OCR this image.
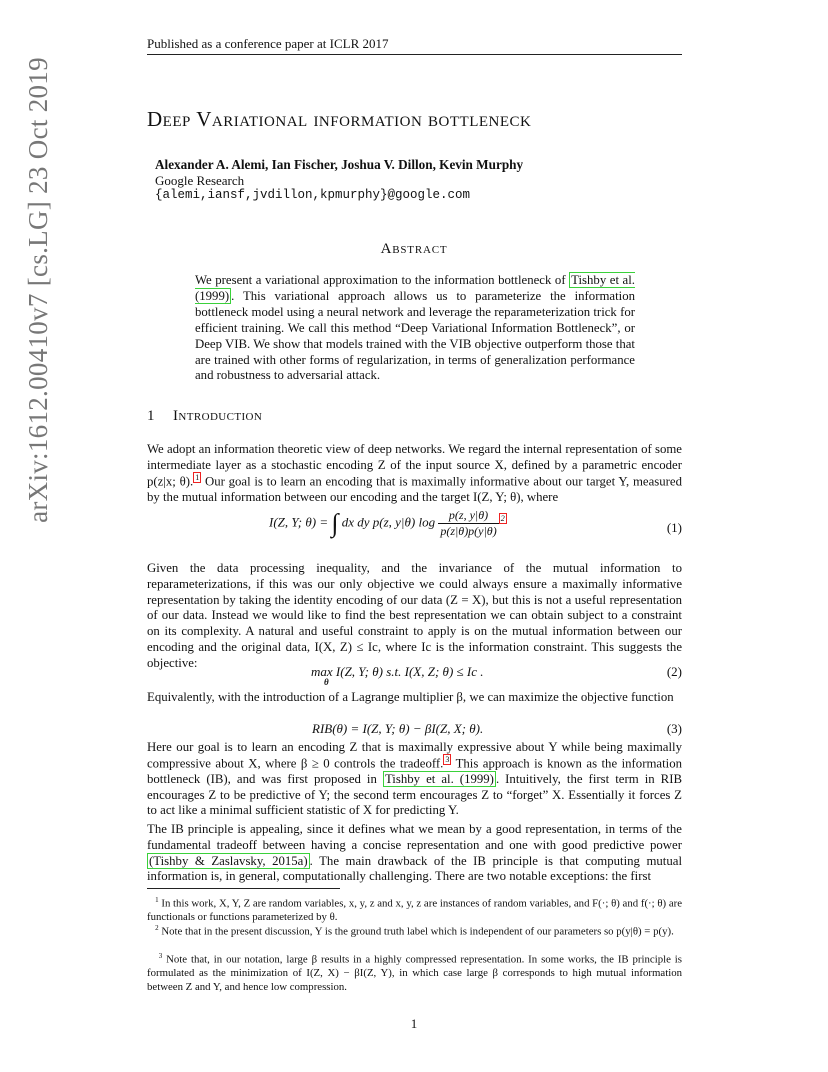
Published as a conference paper at ICLR 2017
arXiv:1612.00410v7 [cs.LG] 23 Oct 2019	Deep Variational information bottleneck
Alexander A. Alemi, Ian Fischer, Joshua V. Dillon, Kevin Murphy
Google Research
{alemi,iansf,jvdillon,kpmurphy}@google.com
Abstract
We present a variational approximation to the information bottleneck of Tishby et al. (1999) . This variational approach allows us to parameterize the information bottleneck model using a neural network and leverage the reparameterization trick for efficient training. We call this method “Deep Variational Information Bottleneck”, or Deep VIB. We show that models trained with the VIB objective outperform those that are trained with other forms of regularization, in terms of generalization performance and robustness to adversarial attack.
1 Introduction
We adopt an information theoretic view of deep networks. We regard the internal representation of some intermediate layer as a stochastic encoding Z of the input source X, defined by a parametric encoder p(z|x; θ). $^1$ Our goal is to learn an encoding that is maximally informative about our target Y, measured by the mutual information between our encoding and the target I(Z, Y; θ), where
I(Z, Y; θ) = ∫ dx dy p(z, y|θ) $\log \frac{p(z, y|\theta)}{p(z|\theta)p(y|\theta)} ^2$
(1)
Given the data processing inequality, and the invariance of the mutual information to reparameterizations, if this was our only objective we could always ensure a maximally informative representation by taking the identity encoding of our data (Z = X), but this is not a useful representation of our data. Instead we would like to find the best representation we can obtain subject to a constraint on its complexity. A natural and useful constraint to apply is on the mutual information between our encoding and the original data, I(X, Z) ≤ Ic, where Ic is the information constraint. This suggests the objective:
max I(Z, Y; θ) s.t. I(X, Z; θ) ≤ Ic .
θ
(2)
Equivalently, with the introduction of a Lagrange multiplier β, we can maximize the objective function
RIB(θ) = I(Z, Y; θ) − βI(Z, X; θ).	(3)
Here our goal is to learn an encoding Z that is maximally expressive about Y while being maximally compressive about X, where β ≥ 0 controls the tradeoff. $^3$ This approach is known as the information bottleneck (IB), and was first proposed in Tishby et al. (1999) . Intuitively, the first term in RIB encourages Z to be predictive of Y; the second term encourages Z to “forget” X. Essentially it forces Z to act like a minimal sufficient statistic of X for predicting Y.
The IB principle is appealing, since it defines what we mean by a good representation, in terms of the fundamental tradeoff between having a concise representation and one with good predictive power (Tishby & Zaslavsky, 2015a) . The main drawback of the IB principle is that computing mutual information is, in general, computationally challenging. There are two notable exceptions: the first
$^1$ In this work, X, Y, Z are random variables, x, y, z and x, y, z are instances of random variables, and F(·; θ) and f(·; θ) are functionals or functions parameterized by θ.
$^2$ Note that in the present discussion, Y is the ground truth label which is independent of our parameters so p(y|θ) = p(y).
$^3$ Note that, in our notation, large β results in a highly compressed representation. In some works, the IB principle is formulated as the minimization of I(Z, X) − βI(Z, Y), in which case large β corresponds to high mutual information between Z and Y, and hence low compression.
1
